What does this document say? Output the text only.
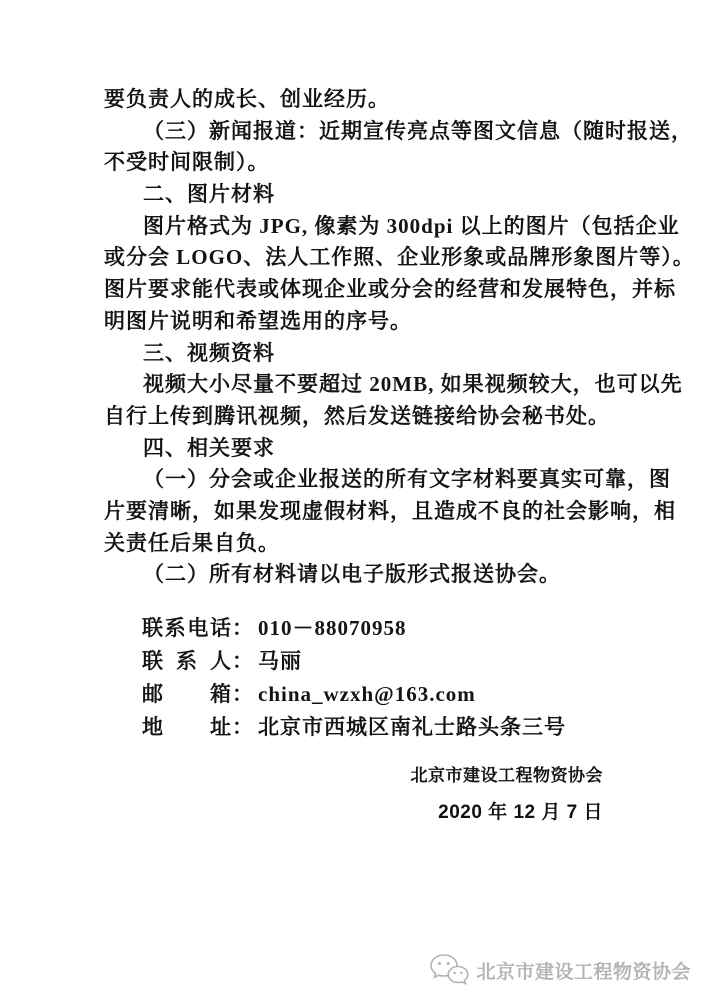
要负责人的成长、创业经历。
（三）新闻报道：近期宣传亮点等图文信息（随时报送，
不受时间限制）。
二、图片材料
图片格式为 JPG, 像素为 300dpi 以上的图片（包括企业
或分会 LOGO、法人工作照、企业形象或品牌形象图片等）。
图片要求能代表或体现企业或分会的经营和发展特色，并标
明图片说明和希望选用的序号。
三、视频资料
视频大小尽量不要超过 20MB, 如果视频较大，也可以先
自行上传到腾讯视频，然后发送链接给协会秘书处。
四、相关要求
（一）分会或企业报送的所有文字材料要真实可靠，图
片要清晰，如果发现虚假材料，且造成不良的社会影响，相
关责任后果自负。
（二）所有材料请以电子版形式报送协会。
联系电话： 010－88070958
联系人： 马丽
邮箱： china_wzxh@163.com
地址： 北京市西城区南礼士路头条三号
北京市建设工程物资协会
2020 年 12 月 7 日
北京市建设工程物资协会
